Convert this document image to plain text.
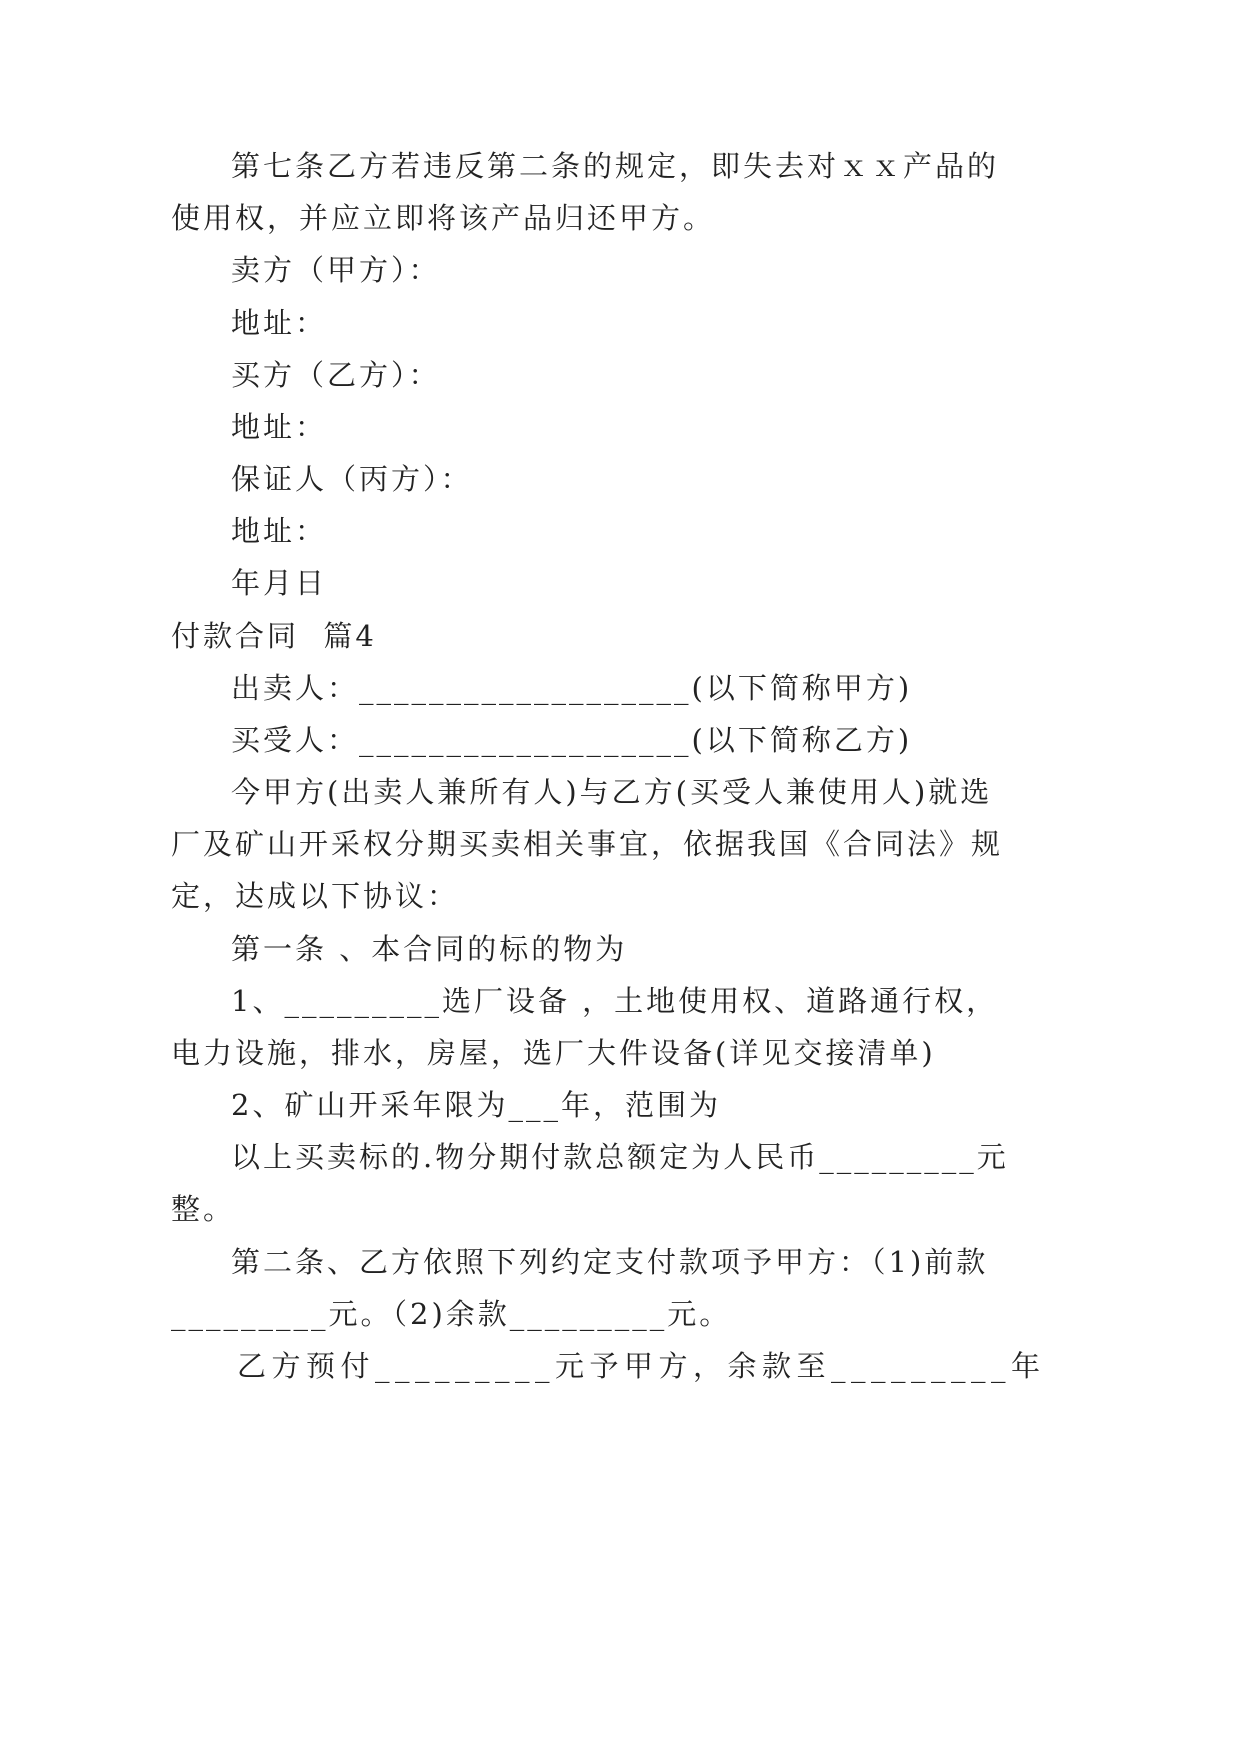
第七条乙方若违反第二条的规定，即失去对ｘｘ产品的

使用权，并应立即将该产品归还甲方。

卖方（甲方）：

地址：

买方（乙方）：

地址：

保证人（丙方）：

地址：

年月日

付款合同  篇4

出卖人：___________________(以下简称甲方)

买受人：___________________(以下简称乙方)

今甲方(出卖人兼所有人)与乙方(买受人兼使用人)就选

厂及矿山开采权分期买卖相关事宜，依据我国《合同法》规

定，达成以下协议：

第一条 、本合同的标的物为

1、_________选厂设备 ，土地使用权、道路通行权，

电力设施，排水，房屋，选厂大件设备(详见交接清单)

2、矿山开采年限为___年，范围为

以上买卖标的.物分期付款总额定为人民币_________元

整。

第二条、乙方依照下列约定支付款项予甲方：（1)前款

_________元。（2)余款_________元。

乙方预付_________元予甲方，余款至_________年
